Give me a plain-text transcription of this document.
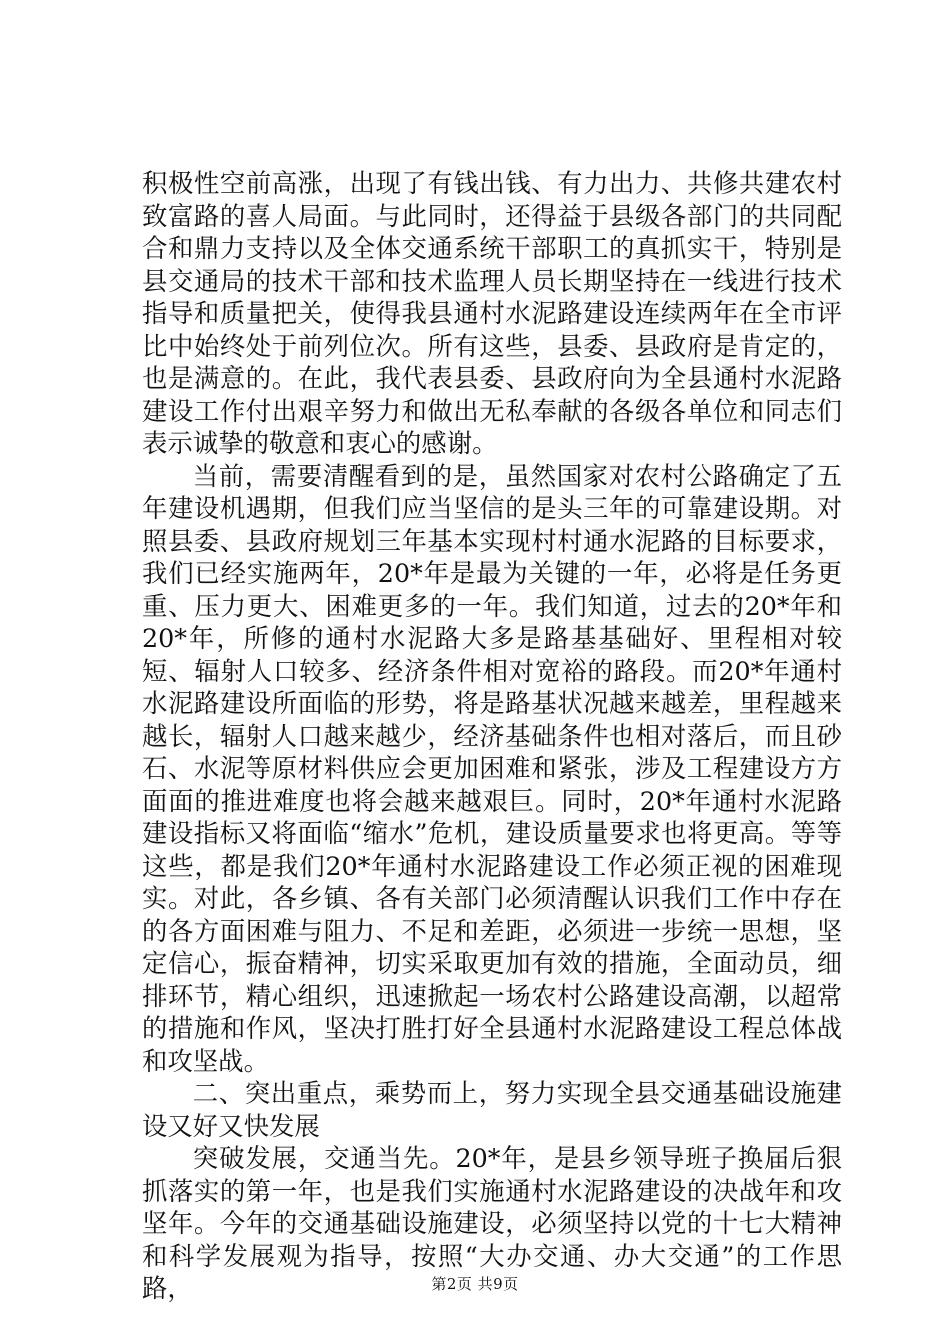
积极性空前高涨，出现了有钱出钱、有力出力、共修共建农村致富路的喜人局面。与此同时，还得益于县级各部门的共同配合和鼎力支持以及全体交通系统干部职工的真抓实干，特别是县交通局的技术干部和技术监理人员长期坚持在一线进行技术指导和质量把关，使得我县通村水泥路建设连续两年在全市评比中始终处于前列位次。所有这些，县委、县政府是肯定的，也是满意的。在此，我代表县委、县政府向为全县通村水泥路建设工作付出艰辛努力和做出无私奉献的各级各单位和同志们表示诚挚的敬意和衷心的感谢。

当前，需要清醒看到的是，虽然国家对农村公路确定了五年建设机遇期，但我们应当坚信的是头三年的可靠建设期。对照县委、县政府规划三年基本实现村村通水泥路的目标要求，我们已经实施两年，20*年是最为关键的一年，必将是任务更重、压力更大、困难更多的一年。我们知道，过去的20*年和20*年，所修的通村水泥路大多是路基基础好、里程相对较短、辐射人口较多、经济条件相对宽裕的路段。而20*年通村水泥路建设所面临的形势，将是路基状况越来越差，里程越来越长，辐射人口越来越少，经济基础条件也相对落后，而且砂石、水泥等原材料供应会更加困难和紧张，涉及工程建设方方面面的推进难度也将会越来越艰巨。同时，20*年通村水泥路建设指标又将面临“缩水”危机，建设质量要求也将更高。等等这些，都是我们20*年通村水泥路建设工作必须正视的困难现实。对此，各乡镇、各有关部门必须清醒认识我们工作中存在的各方面困难与阻力、不足和差距，必须进一步统一思想，坚定信心，振奋精神，切实采取更加有效的措施，全面动员，细排环节，精心组织，迅速掀起一场农村公路建设高潮，以超常的措施和作风，坚决打胜打好全县通村水泥路建设工程总体战和攻坚战。

二、突出重点，乘势而上，努力实现全县交通基础设施建设又好又快发展

突破发展，交通当先。20*年，是县乡领导班子换届后狠抓落实的第一年，也是我们实施通村水泥路建设的决战年和攻坚年。今年的交通基础设施建设，必须坚持以党的十七大精神和科学发展观为指导，按照“大办交通、办大交通”的工作思路，	第2页 共9页
